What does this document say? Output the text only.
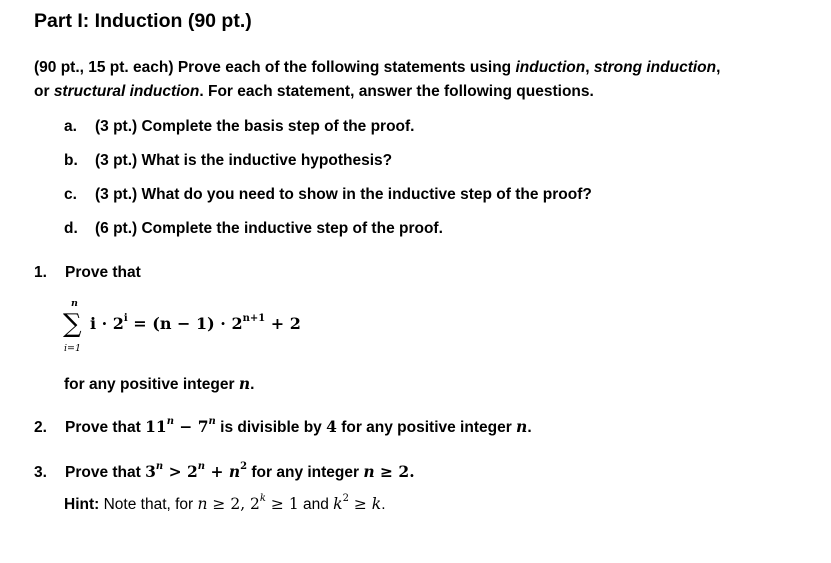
Part I: Induction (90 pt.)
(90 pt., 15 pt. each) Prove each of the following statements using induction, strong induction,
or structural induction. For each statement, answer the following questions.
a. (3 pt.) Complete the basis step of the proof.
b. (3 pt.) What is the inductive hypothesis?
c. (3 pt.) What do you need to show in the inductive step of the proof?
d. (6 pt.) Complete the inductive step of the proof.
1. Prove that
n
∑
i=1
$i \cdot 2^i = (n - 1) \cdot 2^{n+1} + 2$
for any positive integer n.
2. Prove that $11^n - 7^n$ is divisible by 4 for any positive integer n.
3. Prove that $3^n > 2^n + n^2$ for any integer n ≥ 2.
Hint: Note that, for n ≥ 2, $2^k \ge 1$ and $k^2 \ge k$.
